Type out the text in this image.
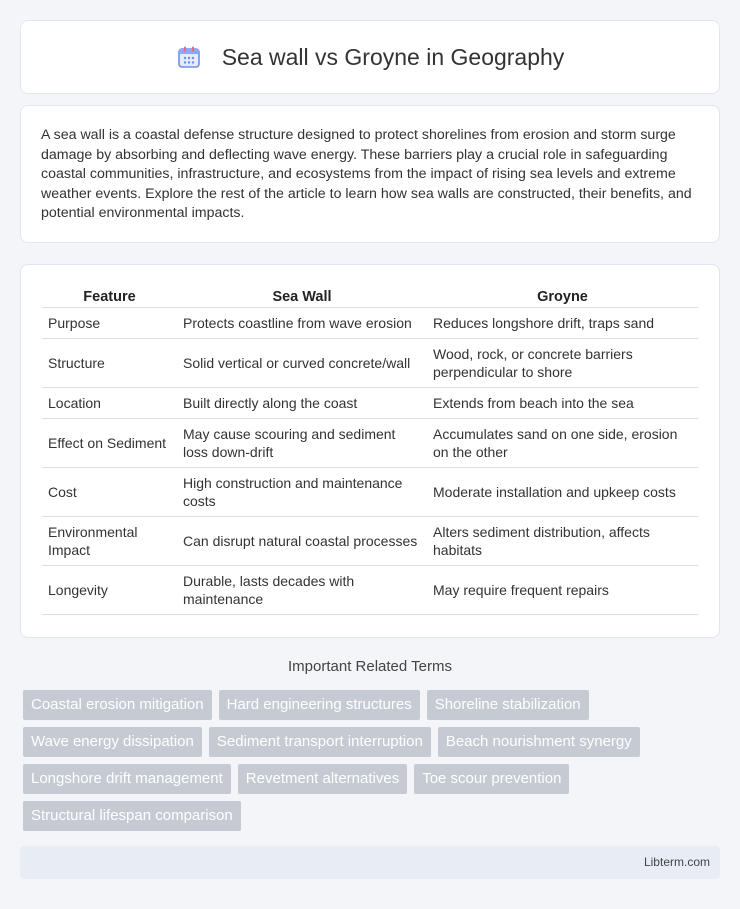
Sea wall vs Groyne in Geography

A sea wall is a coastal defense structure designed to protect shorelines from erosion and storm surge damage by absorbing and deflecting wave energy. These barriers play a crucial role in safeguarding coastal communities, infrastructure, and ecosystems from the impact of rising sea levels and extreme weather events. Explore the rest of the article to learn how sea walls are constructed, their benefits, and potential environmental impacts.

Feature	Sea Wall	Groyne
Purpose	Protects coastline from wave erosion	Reduces longshore drift, traps sand
Structure	Solid vertical or curved concrete/wall	Wood, rock, or concrete barriers perpendicular to shore
Location	Built directly along the coast	Extends from beach into the sea
Effect on Sediment	May cause scouring and sediment loss down-drift	Accumulates sand on one side, erosion on the other
Cost	High construction and maintenance costs	Moderate installation and upkeep costs
Environmental Impact	Can disrupt natural coastal processes	Alters sediment distribution, affects habitats
Longevity	Durable, lasts decades with maintenance	May require frequent repairs
Important Related Terms
Coastal erosion mitigation	Hard engineering structures	Shoreline stabilization
Wave energy dissipation	Sediment transport interruption	Beach nourishment synergy
Longshore drift management	Revetment alternatives	Toe scour prevention
Structural lifespan comparison
Libterm.com
